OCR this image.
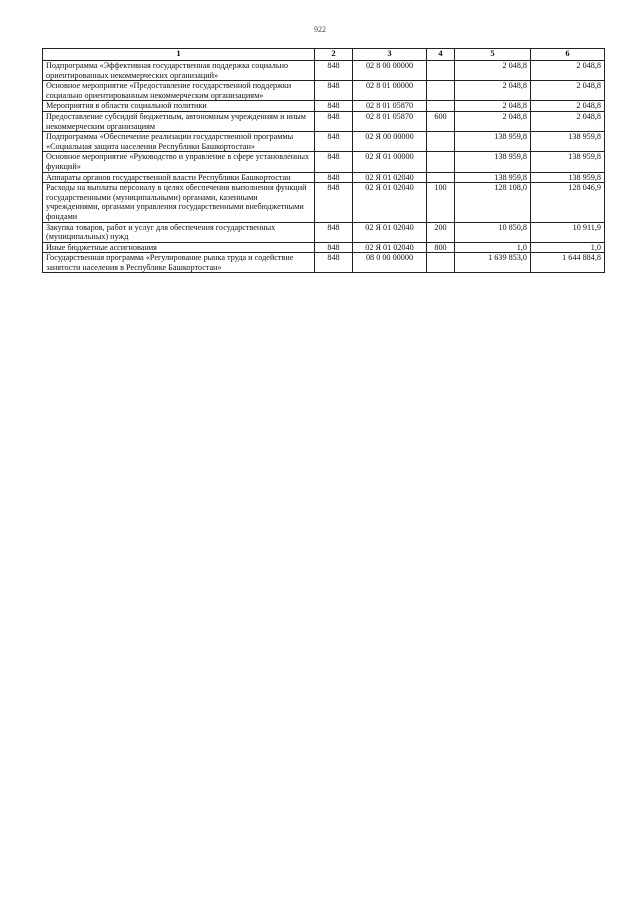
922
1	2	3	4	5	6
Подпрограмма «Эффективная государственная поддержка социально ориентированных некоммерческих организаций»	848	02 8 00 00000		2 048,8	2 048,8
Основное мероприятие «Предоставление государственной поддержки социально ориентированным некоммерческим организациям»	848	02 8 01 00000		2 048,8	2 048,8
Мероприятия в области социальной политики	848	02 8 01 05870		2 048,8	2 048,8
Предоставление субсидий бюджетным, автономным учреждениям и иным некоммерческим организациям	848	02 8 01 05870	600	2 048,8	2 048,8
Подпрограмма «Обеспечение реализации государственной программы «Социальная защита населения Республики Башкортостан»	848	02 Я 00 00000		138 959,8	138 959,8
Основное мероприятие «Руководство и управление в сфере установленных функций»	848	02 Я 01 00000		138 959,8	138 959,8
Аппараты органов государственной власти Республики Башкортостан	848	02 Я 01 02040		138 959,8	138 959,8
Расходы на выплаты персоналу в целях обеспечения выполнения функций государственными (муниципальными) органами, казенными учреждениями, органами управления государственными внебюджетными фондами	848	02 Я 01 02040	100	128 108,0	128 046,9
Закупка товаров, работ и услуг для обеспечения государственных (муниципальных) нужд	848	02 Я 01 02040	200	10 850,8	10 911,9
Иные бюджетные ассигнования	848	02 Я 01 02040	800	1,0	1,0
Государственная программа «Регулирование рынка труда и содействие занятости населения в Республике Башкортостан»	848	08 0 00 00000		1 639 853,0	1 644 884,8
